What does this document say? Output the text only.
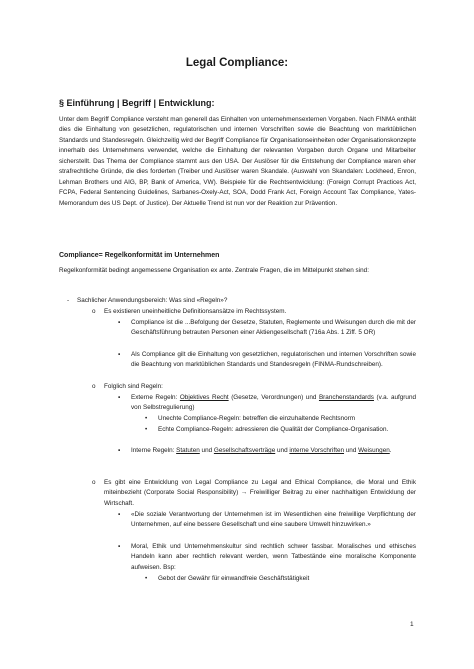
Legal Compliance:
§ Einführung | Begriff | Entwicklung:
Unter dem Begriff Compliance versteht man generell das Einhalten von unternehmensexternen Vorgaben. Nach FINMA enthält dies die Einhaltung von gesetzlichen, regulatorischen und internen Vorschriften sowie die Beachtung von marktüblichen Standards und Standesregeln. Gleichzeitig wird der Begriff Compliance für Organisationseinheiten oder Organisationskonzepte innerhalb des Unternehmens verwendet, welche die Einhaltung der relevanten Vorgaben durch Organe und Mitarbeiter sicherstellt. Das Thema der Compliance stammt aus den USA. Der Auslöser für die Entstehung der Compliance waren eher strafrechtliche Gründe, die dies forderten (Treiber und Auslöser waren Skandale. (Auswahl von Skandalen: Lockheed, Enron, Lehman Brothers und AIG, BP, Bank of America, VW). Beispiele für die Rechtsentwicklung: (Foreign Corrupt Practices Act, FCPA, Federal Sentencing Guidelines, Sarbanes-Oxely-Act, SOA, Dodd Frank Act, Foreign Account Tax Compliance, Yates-Memorandum des US Dept. of Justice). Der Aktuelle Trend ist nun vor der Reaktion zur Prävention.
Compliance= Regelkonformität im Unternehmen
Regelkonformität bedingt angemessene Organisation ex ante. Zentrale Fragen, die im Mittelpunkt stehen sind:
- Sachlicher Anwendungsbereich: Was sind «Regeln»?
o Es existieren uneinheitliche Definitionsansätze im Rechtssystem.
▪ Compliance ist die ...Befolgung der Gesetze, Statuten, Reglemente und Weisungen durch die mit der Geschäftsführung betrauten Personen einer Aktiengesellschaft (716a Abs. 1 Ziff. 5 OR)
▪ Als Compliance gilt die Einhaltung von gesetzlichen, regulatorischen und internen Vorschriften sowie die Beachtung von marktüblichen Standards und Standesregeln (FINMA-Rundschreiben).
o Folglich sind Regeln:
▪ Externe Regeln: Objektives Recht (Gesetze, Verordnungen) und Branchenstandards (v.a. aufgrund von Selbstregulierung)
• Unechte Compliance-Regeln: betreffen die einzuhaltende Rechtsnorm
• Echte Compliance-Regeln: adressieren die Qualität der Compliance-Organisation.
▪ Interne Regeln: Statuten und Gesellschaftsverträge und interne Vorschriften und Weisungen.
o Es gibt eine Entwicklung von Legal Compliance zu Legal and Ethical Compliance, die Moral und Ethik miteinbezieht (Corporate Social Responsibility) → Freiwilliger Beitrag zu einer nachhaltigen Entwicklung der Wirtschaft.
▪ «Die soziale Verantwortung der Unternehmen ist im Wesentlichen eine freiwillige Verpflichtung der Unternehmen, auf eine bessere Gesellschaft und eine saubere Umwelt hinzuwirken.»
▪ Moral, Ethik und Unternehmenskultur sind rechtlich schwer fassbar. Moralisches und ethisches Handeln kann aber rechtlich relevant werden, wenn Tatbestände eine moralische Komponente aufweisen. Bsp:
• Gebot der Gewähr für einwandfreie Geschäftstätigkeit
1
